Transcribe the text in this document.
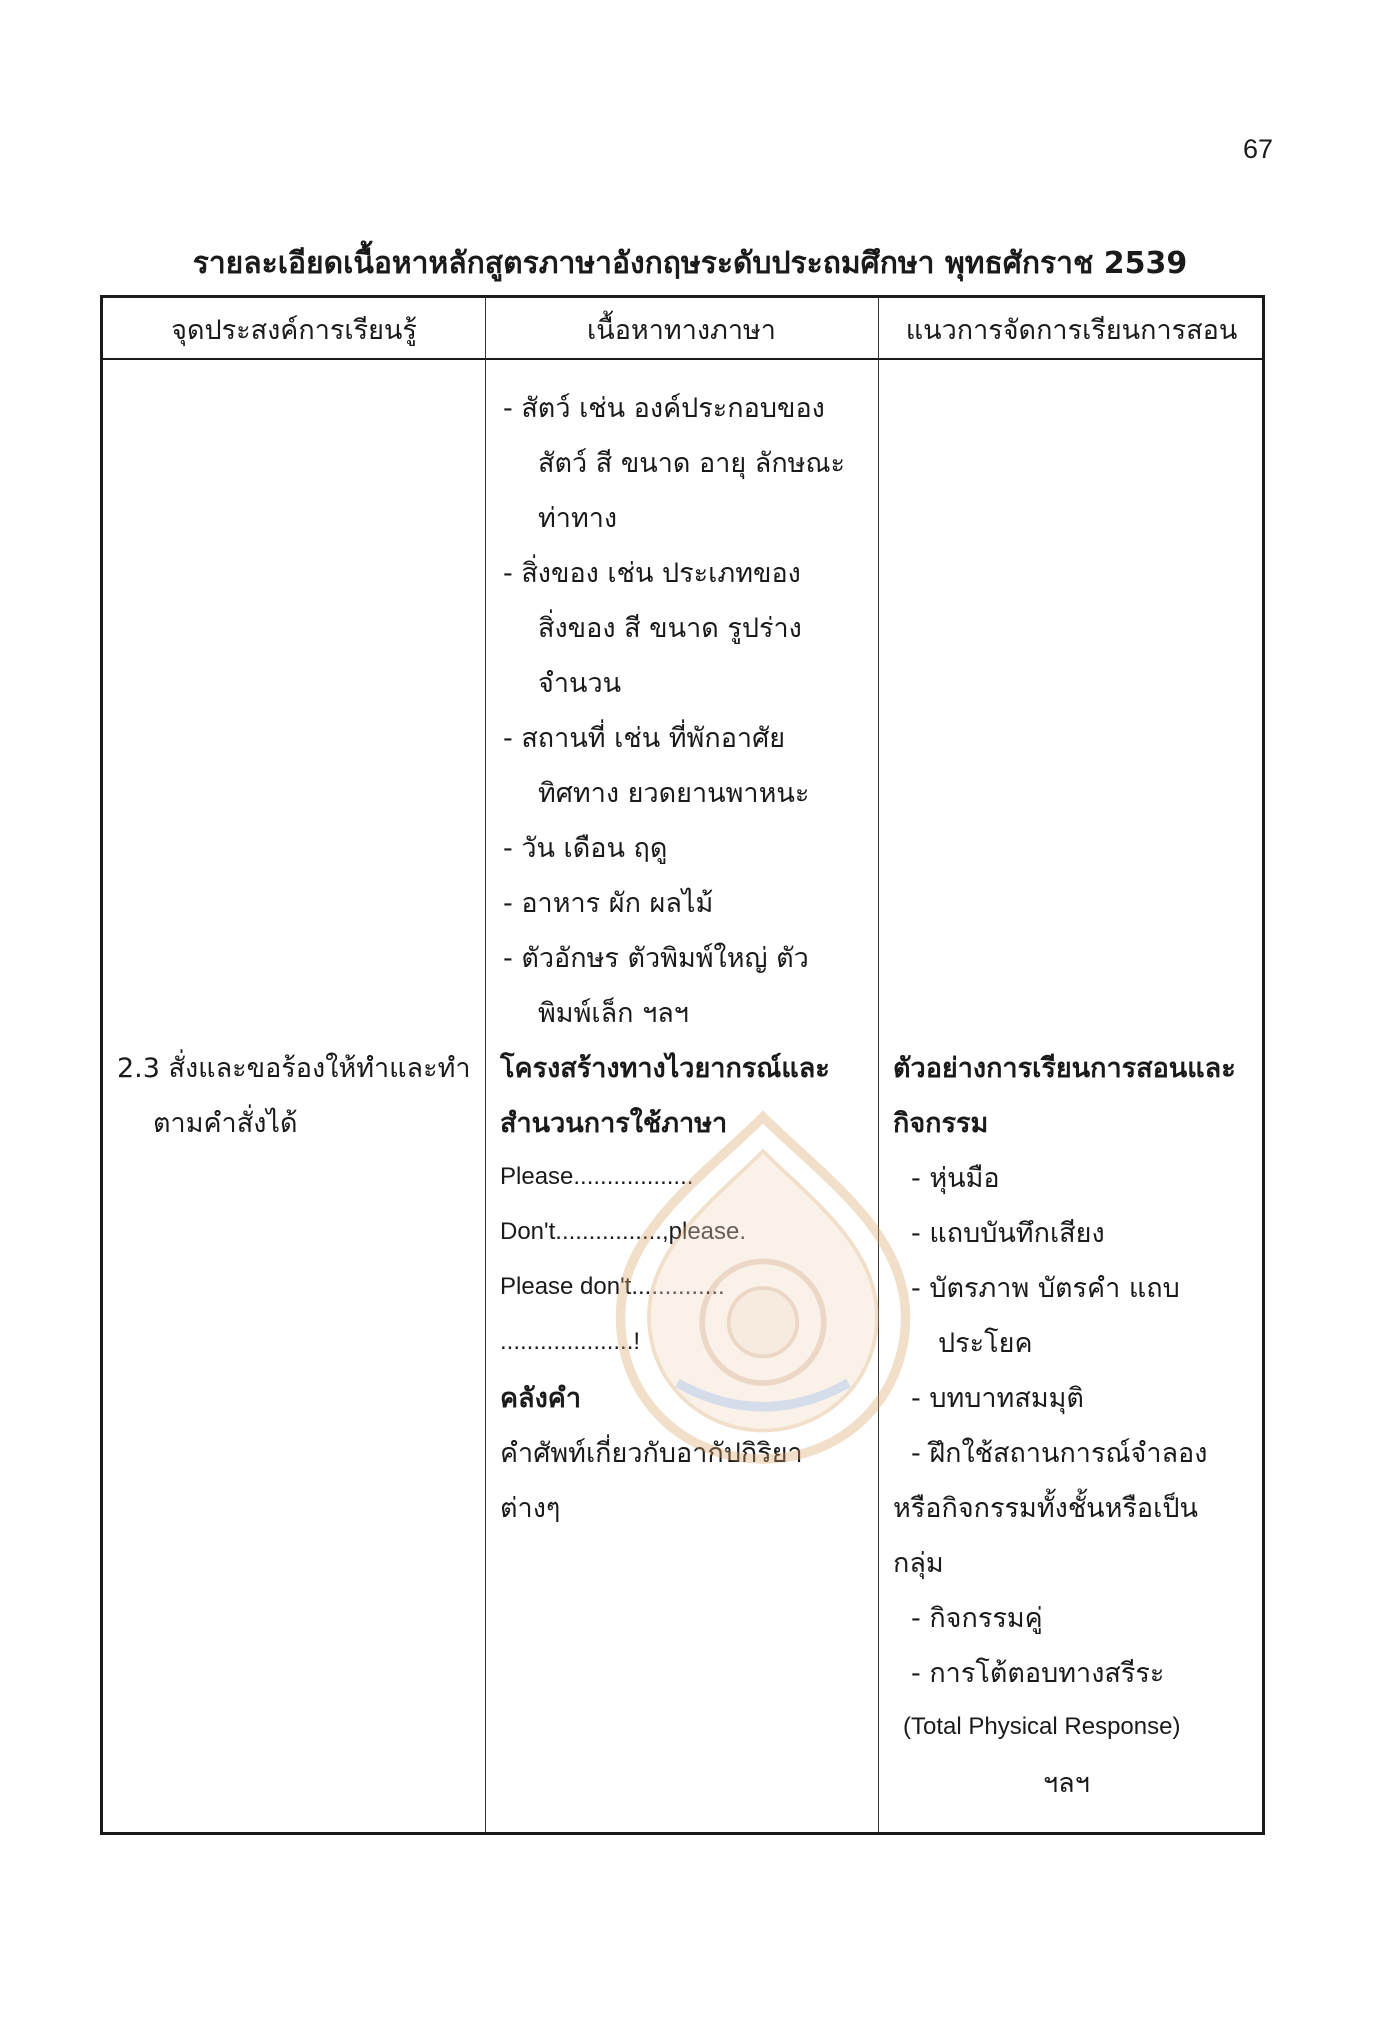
67
รายละเอียดเนื้อหาหลักสูตรภาษาอังกฤษระดับประถมศึกษา พุทธศักราช 2539
จุดประสงค์การเรียนรู้	เนื้อหาทางภาษา	แนวการจัดการเรียนการสอน
2.3 สั่งและขอร้องให้ทำและทำ
ตามคำสั่งได้
- สัตว์ เช่น องค์ประกอบของ
สัตว์ สี ขนาด อายุ ลักษณะ
ท่าทาง
- สิ่งของ เช่น ประเภทของ
สิ่งของ สี ขนาด รูปร่าง
จำนวน
- สถานที่ เช่น ที่พักอาศัย
ทิศทาง ยวดยานพาหนะ
- วัน เดือน ฤดู
- อาหาร ผัก ผลไม้
- ตัวอักษร ตัวพิมพ์ใหญ่ ตัว
พิมพ์เล็ก ฯลฯ
โครงสร้างทางไวยากรณ์และ
สำนวนการใช้ภาษา
Please..................
Don't................,please.
Please don't..............
....................!
คลังคำ
คำศัพท์เกี่ยวกับอากัปกิริยา
ต่างๆ
ตัวอย่างการเรียนการสอนและ
กิจกรรม
- หุ่นมือ
- แถบบันทึกเสียง
- บัตรภาพ บัตรคำ แถบ
ประโยค
- บทบาทสมมุติ
- ฝึกใช้สถานการณ์จำลอง
หรือกิจกรรมทั้งชั้นหรือเป็น
กลุ่ม
- กิจกรรมคู่
- การโต้ตอบทางสรีระ
(Total Physical Response)
ฯลฯ
